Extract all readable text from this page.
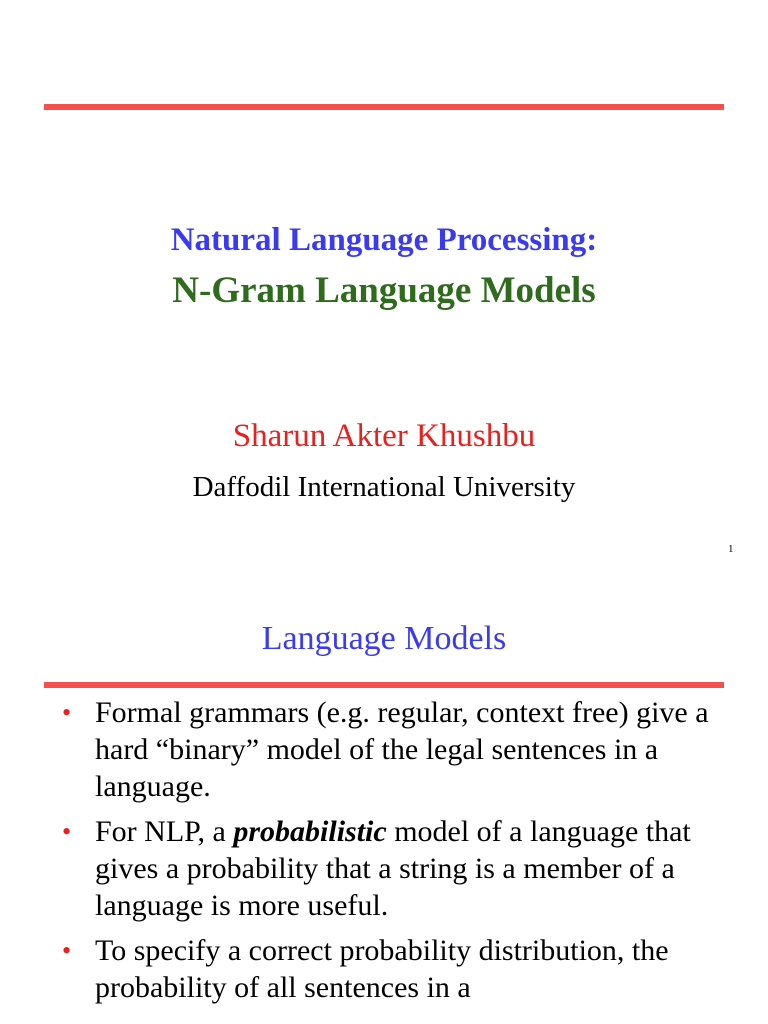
Natural Language Processing:
N-Gram Language Models
Sharun Akter Khushbu
Daffodil International University
1
Language Models
• Formal grammars (e.g. regular, context free) give a hard “binary” model of the legal sentences in a language.
• For NLP, a probabilistic model of a language that gives a probability that a string is a member of a language is more useful.
• To specify a correct probability distribution, the probability of all sentences in a
